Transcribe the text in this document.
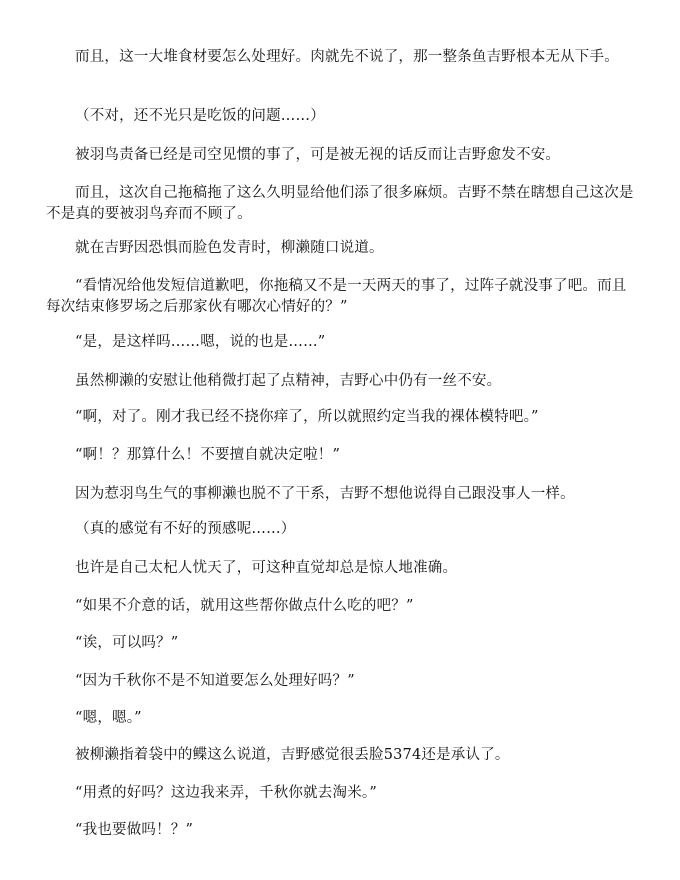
而且，这一大堆食材要怎么处理好。肉就先不说了，那一整条鱼吉野根本无从下手。

（不对，还不光只是吃饭的问题……）

被羽鸟责备已经是司空见惯的事了，可是被无视的话反而让吉野愈发不安。

而且，这次自己拖稿拖了这么久明显给他们添了很多麻烦。吉野不禁在瞎想自己这次是不是真的要被羽鸟弃而不顾了。

就在吉野因恐惧而脸色发青时，柳濑随口说道。

“看情况给他发短信道歉吧，你拖稿又不是一天两天的事了，过阵子就没事了吧。而且每次结束修罗场之后那家伙有哪次心情好的？”

“是，是这样吗……嗯，说的也是……”

虽然柳濑的安慰让他稍微打起了点精神，吉野心中仍有一丝不安。

“啊，对了。刚才我已经不挠你痒了，所以就照约定当我的裸体模特吧。”

“啊！？那算什么！不要擅自就决定啦！”

因为惹羽鸟生气的事柳濑也脱不了干系，吉野不想他说得自己跟没事人一样。

（真的感觉有不好的预感呢……）

也许是自己太杞人忧天了，可这种直觉却总是惊人地准确。

“如果不介意的话，就用这些帮你做点什么吃的吧？”

“诶，可以吗？”

“因为千秋你不是不知道要怎么处理好吗？”

“嗯，嗯。”

被柳濑指着袋中的鲽这么说道，吉野感觉很丢脸5374还是承认了。

“用煮的好吗？这边我来弄，千秋你就去淘米。”

“我也要做吗！？”
